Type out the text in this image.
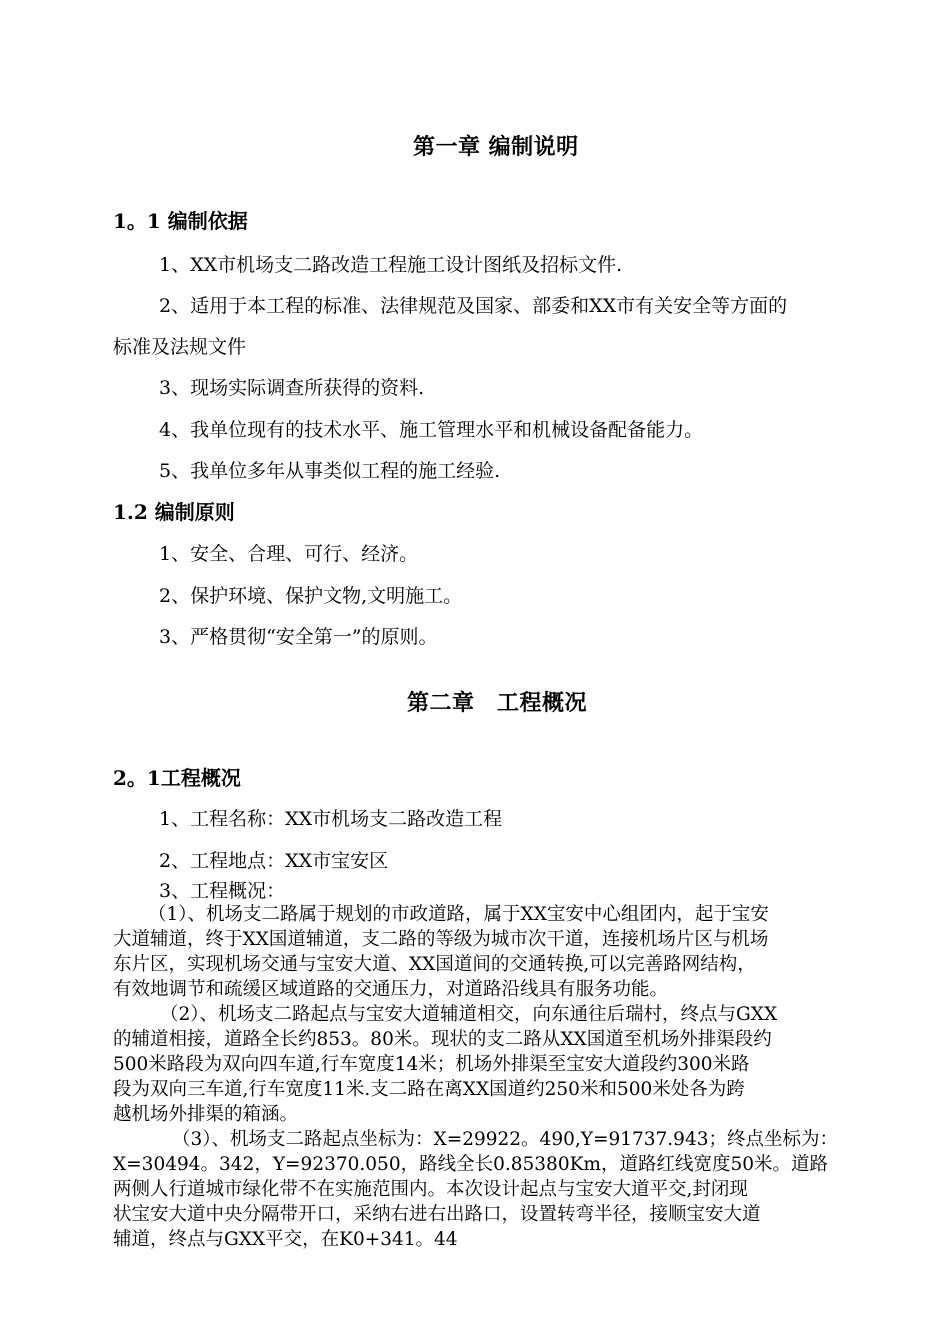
第一章 编制说明
1。1 编制依据
1、XX市机场支二路改造工程施工设计图纸及招标文件.
2、适用于本工程的标准、法律规范及国家、部委和XX市有关安全等方面的
标准及法规文件
3、现场实际调查所获得的资料.
4、我单位现有的技术水平、施工管理水平和机械设备配备能力。
5、我单位多年从事类似工程的施工经验.
1.2 编制原则
1、安全、合理、可行、经济。
2、保护环境、保护文物,文明施工。
3、严格贯彻“安全第一”的原则。
第二章　工程概况
2。1工程概况
1、工程名称：XX市机场支二路改造工程
2、工程地点：XX市宝安区
3、工程概况：
（1）、机场支二路属于规划的市政道路，属于XX宝安中心组团内，起于宝安
大道辅道，终于XX国道辅道，支二路的等级为城市次干道，连接机场片区与机场
东片区，实现机场交通与宝安大道、XX国道间的交通转换,可以完善路网结构，
有效地调节和疏缓区域道路的交通压力，对道路沿线具有服务功能。
（2）、机场支二路起点与宝安大道辅道相交，向东通往后瑞村，终点与GXX
的辅道相接，道路全长约853。80米。现状的支二路从XX国道至机场外排渠段约
500米路段为双向四车道,行车宽度14米；机场外排渠至宝安大道段约300米路
段为双向三车道,行车宽度11米.支二路在离XX国道约250米和500米处各为跨
越机场外排渠的箱涵。
（3）、机场支二路起点坐标为：X=29922。490,Y=91737.943；终点坐标为：
X=30494。342，Y=92370.050，路线全长0.85380Km，道路红线宽度50米。道路
两侧人行道城市绿化带不在实施范围内。本次设计起点与宝安大道平交,封闭现
状宝安大道中央分隔带开口，采纳右进右出路口，设置转弯半径，接顺宝安大道
辅道，终点与GXX平交，在K0+341。44
